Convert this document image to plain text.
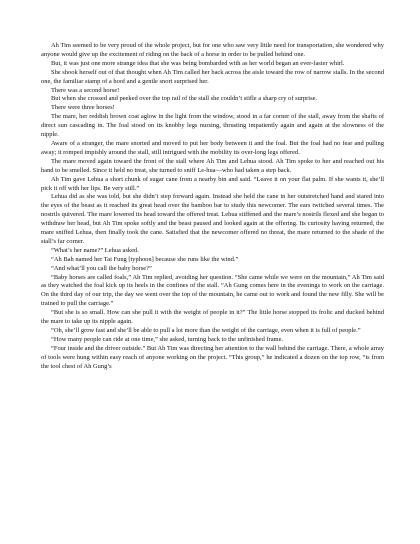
Ah Tim seemed to be very proud of the whole project, but for one who saw very little need for transportation, she wondered why anyone would give up the excitement of riding on the back of a horse in order to be pulled behind one.

But, it was just one more strange idea that she was being bombarded with as her world began an ever-faster whirl.

She shook herself out of that thought when Ah Tim called her back across the aisle toward the row of narrow stalls. In the second one, the familiar stamp of a hoof and a gentle snort surprised her.

There was a second horse!

But when she crossed and peeked over the top rail of the stall she couldn’t stifle a sharp cry of surprise.

There were three horses!

The mare, her reddish brown coat aglow in the light from the window, stood in a far corner of the stall, away from the shafts of direct sun cascading in. The foal stood on its knobby legs nursing, thrusting impatiently again and again at the slowness of the nipple.

Aware of a stranger, the mare snorted and moved to put her body between it and the foal. But the foal had no fear and pulling away; it romped impishly around the stall, still intrigued with the mobility its over-long legs offered.

The mare moved again toward the front of the stall where Ah Tim and Lehua stood. Ah Tim spoke to her and reached out his hand to be smelled. Since it held no treat, she turned to sniff Le-hua—who had taken a step back.

Ah Tim gave Lehua a short chunk of sugar cane from a nearby bin and said. “Leave it on your flat palm. If she wants it, she’ll pick it off with her lips. Be very still.”

Lehua did as she was told, but she didn’t step forward again. Instead she held the cane in her outstretched hand and stared into the eyes of the beast as it reached its great head over the bamboo bar to study this newcomer. The ears twitched several times. The nostrils quivered. The mare lowered its head toward the offered treat. Lehua stiffened and the mare’s nostrils flexed and she began to withdraw her head, but Ah Tim spoke softly and the beast paused and looked again at the offering. Its curiosity having returned, the mare sniffed Lehua, then finally took the cane. Satisfied that the newcomer offered no threat, the mare returned to the shade of the stall’s far corner.

“What’s her name?” Lehua asked.

“Ah Bah named her Tai Fung [typhoon] because she runs like the wind.”

“And what’ll you call the baby horse?”

“Baby horses are called foals,” Ah Tim replied, avoiding her question. “She came while we were on the mountain,” Ah Tim said as they watched the foal kick up its heels in the confines of the stall. “Ah Gung comes here in the evenings to work on the carriage. On the third day of our trip, the day we went over the top of the mountain, he came out to work and found the new filly. She will be trained to pull the carriage.”

“But she is so small. How can she pull it with the weight of people in it?” The little horse stopped its frolic and ducked behind the mare to take up its nipple again.

“Oh, she’ll grow fast and she’ll be able to pull a lot more than the weight of the carriage, even when it is full of people.”

“How many people can ride at one time,” she asked, turning back to the unfinished frame.

“Four inside and the driver outside.” But Ah Tim was directing her attention to the wall behind the carriage. There, a whole array of tools were hung within easy reach of anyone working on the project. “This group,” he indicated a dozen on the top row, “is from the tool chest of Ah Gung’s
